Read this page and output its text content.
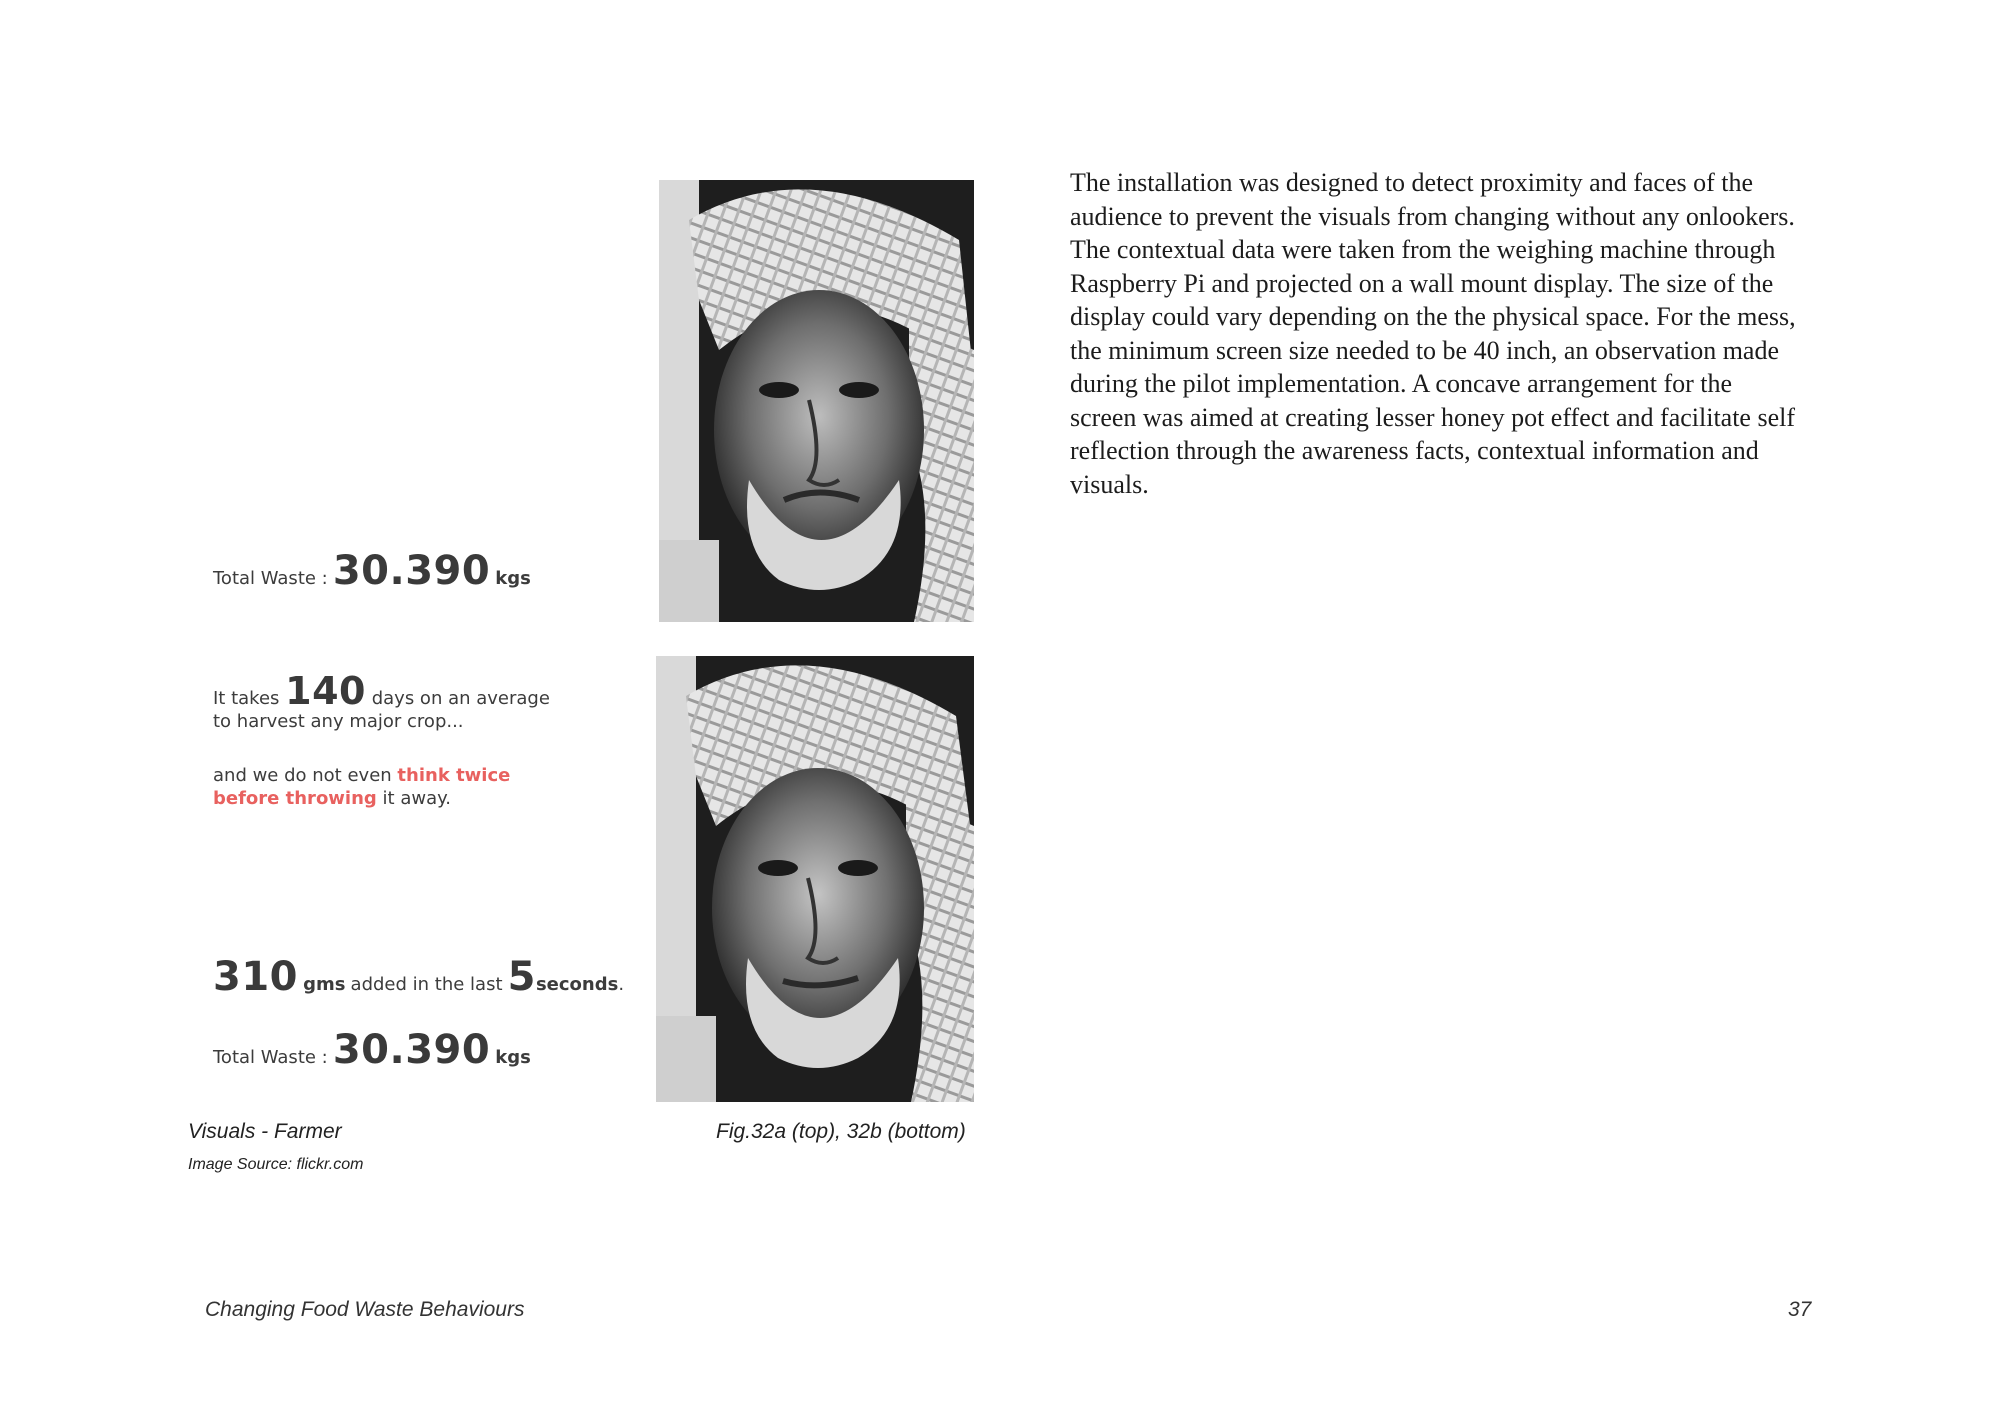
Total Waste : 30.390 kgs
It takes 140 days on an average
to harvest any major crop...
and we do not even think twice
before throwing it away.
310 gms added in the last 5seconds.
Total Waste : 30.390 kgs
Visuals - Farmer
Image Source: flickr.com
Fig.32a (top), 32b (bottom)
The installation was designed to detect proximity and faces of the
audience to prevent the visuals from changing without any onlookers.
The contextual data were taken from the weighing machine through
Raspberry Pi and projected on a wall mount display. The size of the
display could vary depending on the the physical space. For the mess,
the minimum screen size needed to be 40 inch, an observation made
during the pilot implementation. A concave arrangement for the
screen was aimed at creating lesser honey pot effect and facilitate self
reflection through the awareness facts, contextual information and
visuals.
Changing Food Waste Behaviours	37
